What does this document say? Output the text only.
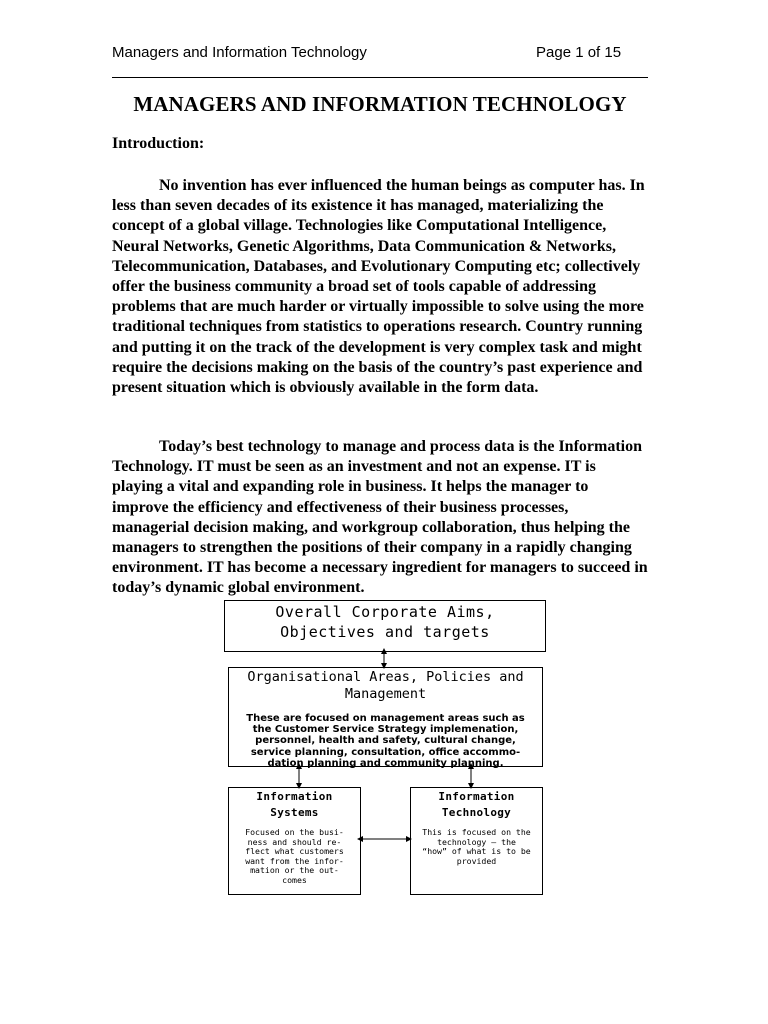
Managers and Information Technology	Page 1 of 15
MANAGERS AND INFORMATION TECHNOLOGY
Introduction:

No invention has ever influenced the human beings as computer has. In less than seven decades of its existence it has managed, materializing the concept of a global village. Technologies like Computational Intelligence, Neural Networks, Genetic Algorithms, Data Communication & Networks, Telecommunication, Databases, and Evolutionary Computing etc; collectively offer the business community a broad set of tools capable of addressing problems that are much harder or virtually impossible to solve using the more traditional techniques from statistics to operations research. Country running and putting it on the track of the development is very complex task and might require the decisions making on the basis of the country’s past experience and present situation which is obviously available in the form data.

Today’s best technology to manage and process data is the Information Technology. IT must be seen as an investment and not an expense. IT is playing a vital and expanding role in business. It helps the manager to improve the efficiency and effectiveness of their business processes, managerial decision making, and workgroup collaboration, thus helping the managers to strengthen the positions of their company in a rapidly changing environment. IT has become a necessary ingredient for managers to succeed in today’s dynamic global environment.

Overall Corporate Aims,
Objectives and targets
Organisational Areas, Policies and
Management
These are focused on management areas such as
the Customer Service Strategy implemenation,
personnel, health and safety, cultural change,
service planning, consultation, office accommo-
dation planning and community planning.
Information
Systems
Focused on the busi-
ness and should re-
flect what customers
want from the infor-
mation or the out-
comes
Information
Technology
This is focused on the
technology – the
“how” of what is to be
provided
